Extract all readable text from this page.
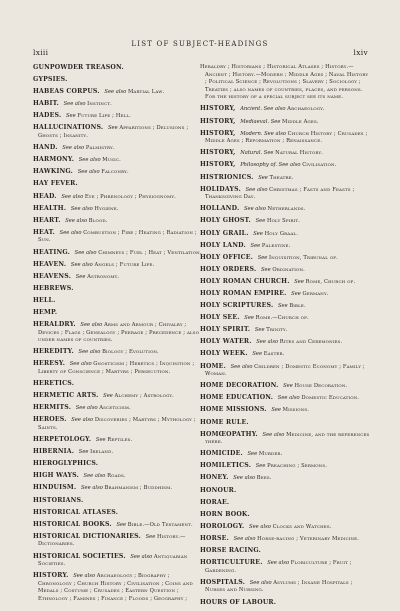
lxiii
LIST OF SUBJECT-HEADINGS
lxiv
GUNPOWDER TREASON.
GYPSIES.
HABEAS CORPUS. See also Martial Law.
HABIT. See also Instinct.
HADES. See Future Life ; Hell.
HALLUCINATIONS. See Apparitions ; Delusions ; Ghosts ; Insanity.
HAND. See also Palmistry.
HARMONY. See also Music.
HAWKING. See also Falconry.
HAY FEVER.
HEAD. See also Eye ; Phrenology ; Physiognomy.
HEALTH. See also Hygiene.
HEART. See also Blood.
HEAT. See also Combustion ; Fire ; Heating ; Radiation ; Sun.
HEATING. See also Chimneys ; Fuel ; Heat ; Ventilation.
HEAVEN. See also Angels ; Future Life.
HEAVENS. See Astronomy.
HEBREWS.
HELL.
HEMP.
HERALDRY. See also Arms and Armour ; Chivalry ; Devices ; Flags ; Genealogy ; Peerage ; Precedence ; also under names of countries.
HEREDITY. See also Biology ; Evolution.
HERESY. See also Gnosticism ; Heretics ; Inquisition ; Liberty of Conscience ; Martyrs ; Persecution.
HERETICS.
HERMETIC ARTS. See Alchemy ; Astrology.
HERMITS. See also Asceticism.
HEROES. See also Discoveries ; Martyrs ; Mythology ; Saints.
HERPETOLOGY. See Reptiles.
HIBERNIA. See Ireland.
HIEROGLYPHICS.
HIGH WAYS. See also Roads.
HINDUISM. See also Brahmanism ; Buddhism.
HISTORIANS.
HISTORICAL ATLASES.
HISTORICAL BOOKS. See Bible.—Old Testament.
HISTORICAL DICTIONARIES. See History.— Dictionaries.
HISTORICAL SOCIETIES. See also Antiquarian Societies.
HISTORY. See also Archaeology ; Biography ; Chronology ; Church History ; Civilisation ; Coins and Medals ; Costume ; Crusades ; Eastern Question ; Ethnology ; Famines ; Finance ; Floods ; Geography ;
Heraldry ; Historians ; Historical Atlases ; History.—Ancient ; History.—Modern ; Middle Ages ; Naval History ; Political Science ; Revolutions ; Slavery ; Sociology ; Treaties ; also names of countries, places, and persons. For the history of a special subject see its name.
HISTORY, Ancient. See also Archaeology.
HISTORY, Mediaeval. See Middle Ages.
HISTORY, Modern. See also Church History ; Crusades ; Middle Ages ; Reformation ; Renaissance.
HISTORY, Natural. See Natural History.
HISTORY, Philosophy of. See also Civilisation.
HISTRIONICS. See Theatre.
HOLIDAYS. See also Christmas ; Fasts and Feasts ; Thanksgiving Day.
HOLLAND. See also Netherlands.
HOLY GHOST. See Holy Spirit.
HOLY GRAIL. See Holy Graal.
HOLY LAND. See Palestine.
HOLY OFFICE. See Inquisition, Tribunal of.
HOLY ORDERS. See Ordination.
HOLY ROMAN CHURCH. See Rome, Church of.
HOLY ROMAN EMPIRE. See Germany.
HOLY SCRIPTURES. See Bible.
HOLY SEE. See Rome.—Church of.
HOLY SPIRIT. See Trinity.
HOLY WATER. See also Rites and Ceremonies.
HOLY WEEK. See Easter.
HOME. See also Children ; Domestic Economy ; Family ; Woman.
HOME DECORATION. See House Decoration.
HOME EDUCATION. See also Domestic Education.
HOME MISSIONS. See Missions.
HOME RULE.
HOMŒOPATHY. See also Medicine, and the references there.
HOMICIDE. See Murder.
HOMILETICS. See Preaching ; Sermons.
HONEY. See also Bees.
HONOUR.
HORAE.
HORN BOOK.
HOROLOGY. See also Clocks and Watches.
HORSE. See also Horse-racing ; Veterinary Medicine.
HORSE RACING.
HORTICULTURE. See also Floriculture ; Fruit ; Gardening.
HOSPITALS. See also Asylums ; Insane Hospitals ; Nurses and Nursing.
HOURS OF LABOUR.
